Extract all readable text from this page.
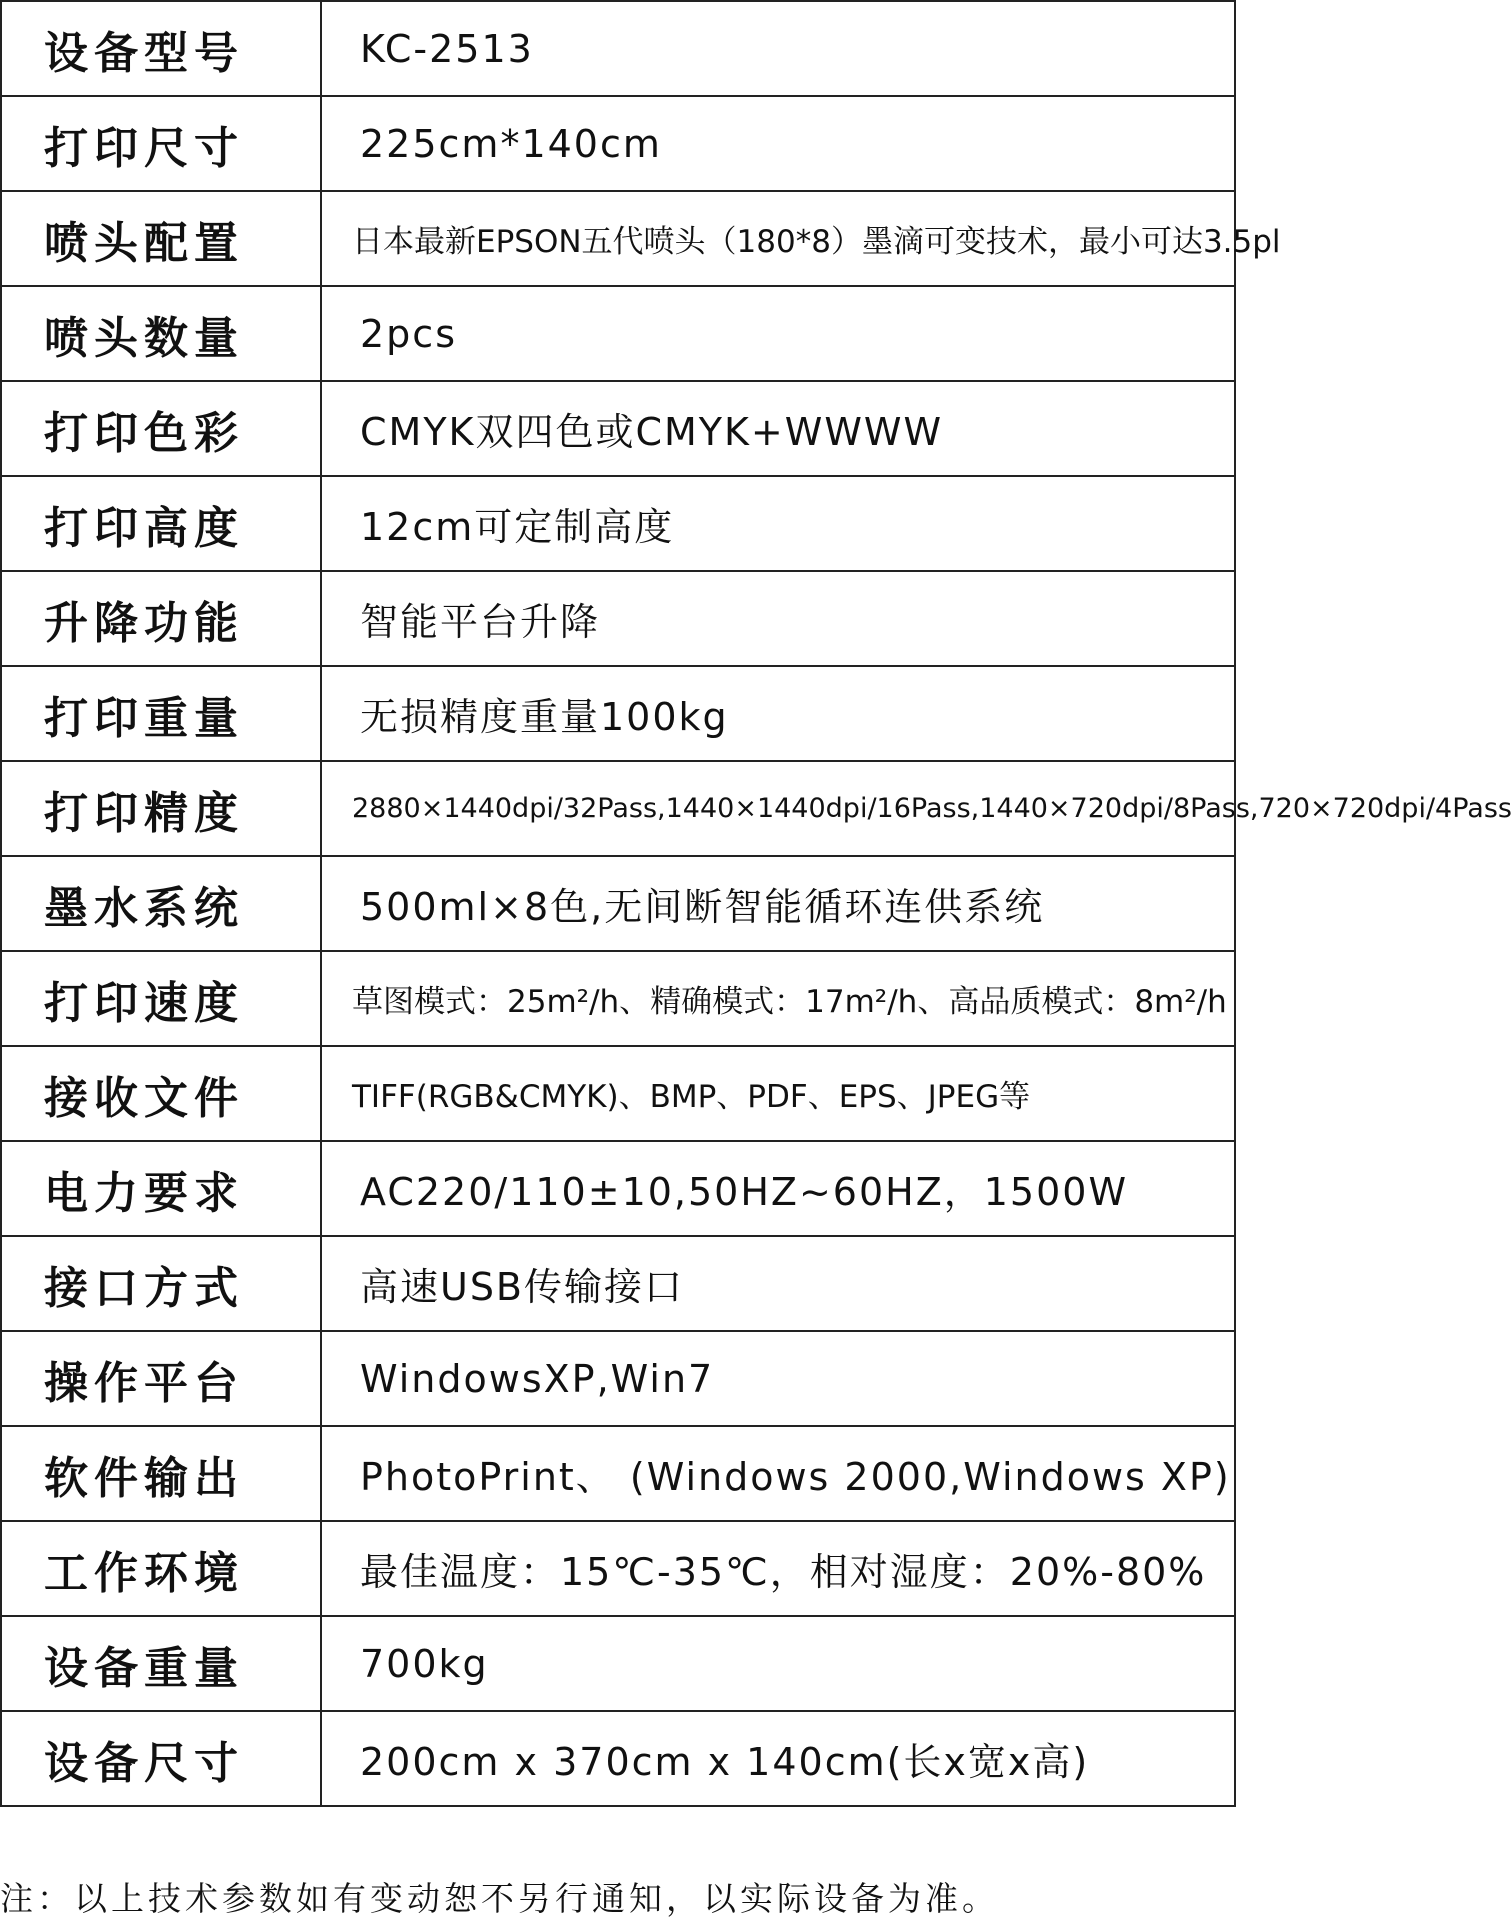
设备型号	KC-2513
打印尺寸	225cm*140cm
喷头配置	日本最新EPSON五代喷头（180*8）墨滴可变技术，最小可达3.5pl
喷头数量	2pcs
打印色彩	CMYK双四色或CMYK+WWWW
打印高度	12cm可定制高度
升降功能	智能平台升降
打印重量	无损精度重量100kg
打印精度	2880×1440dpi/32Pass,1440×1440dpi/16Pass,1440×720dpi/8Pass,720×720dpi/4Pass
墨水系统	500ml×8色,无间断智能循环连供系统
打印速度	草图模式：25m²/h、精确模式：17m²/h、高品质模式：8m²/h
接收文件	TIFF(RGB&CMYK)、BMP、PDF、EPS、JPEG等
电力要求	AC220/110±10,50HZ~60HZ，1500W
接口方式	高速USB传输接口
操作平台	WindowsXP,Win7
软件输出	PhotoPrint、 (Windows 2000,Windows XP)
工作环境	最佳温度：15℃-35℃，相对湿度：20%-80%
设备重量	700kg
设备尺寸	200cm x 370cm x 140cm(长x宽x高)
注：以上技术参数如有变动恕不另行通知，以实际设备为准。
